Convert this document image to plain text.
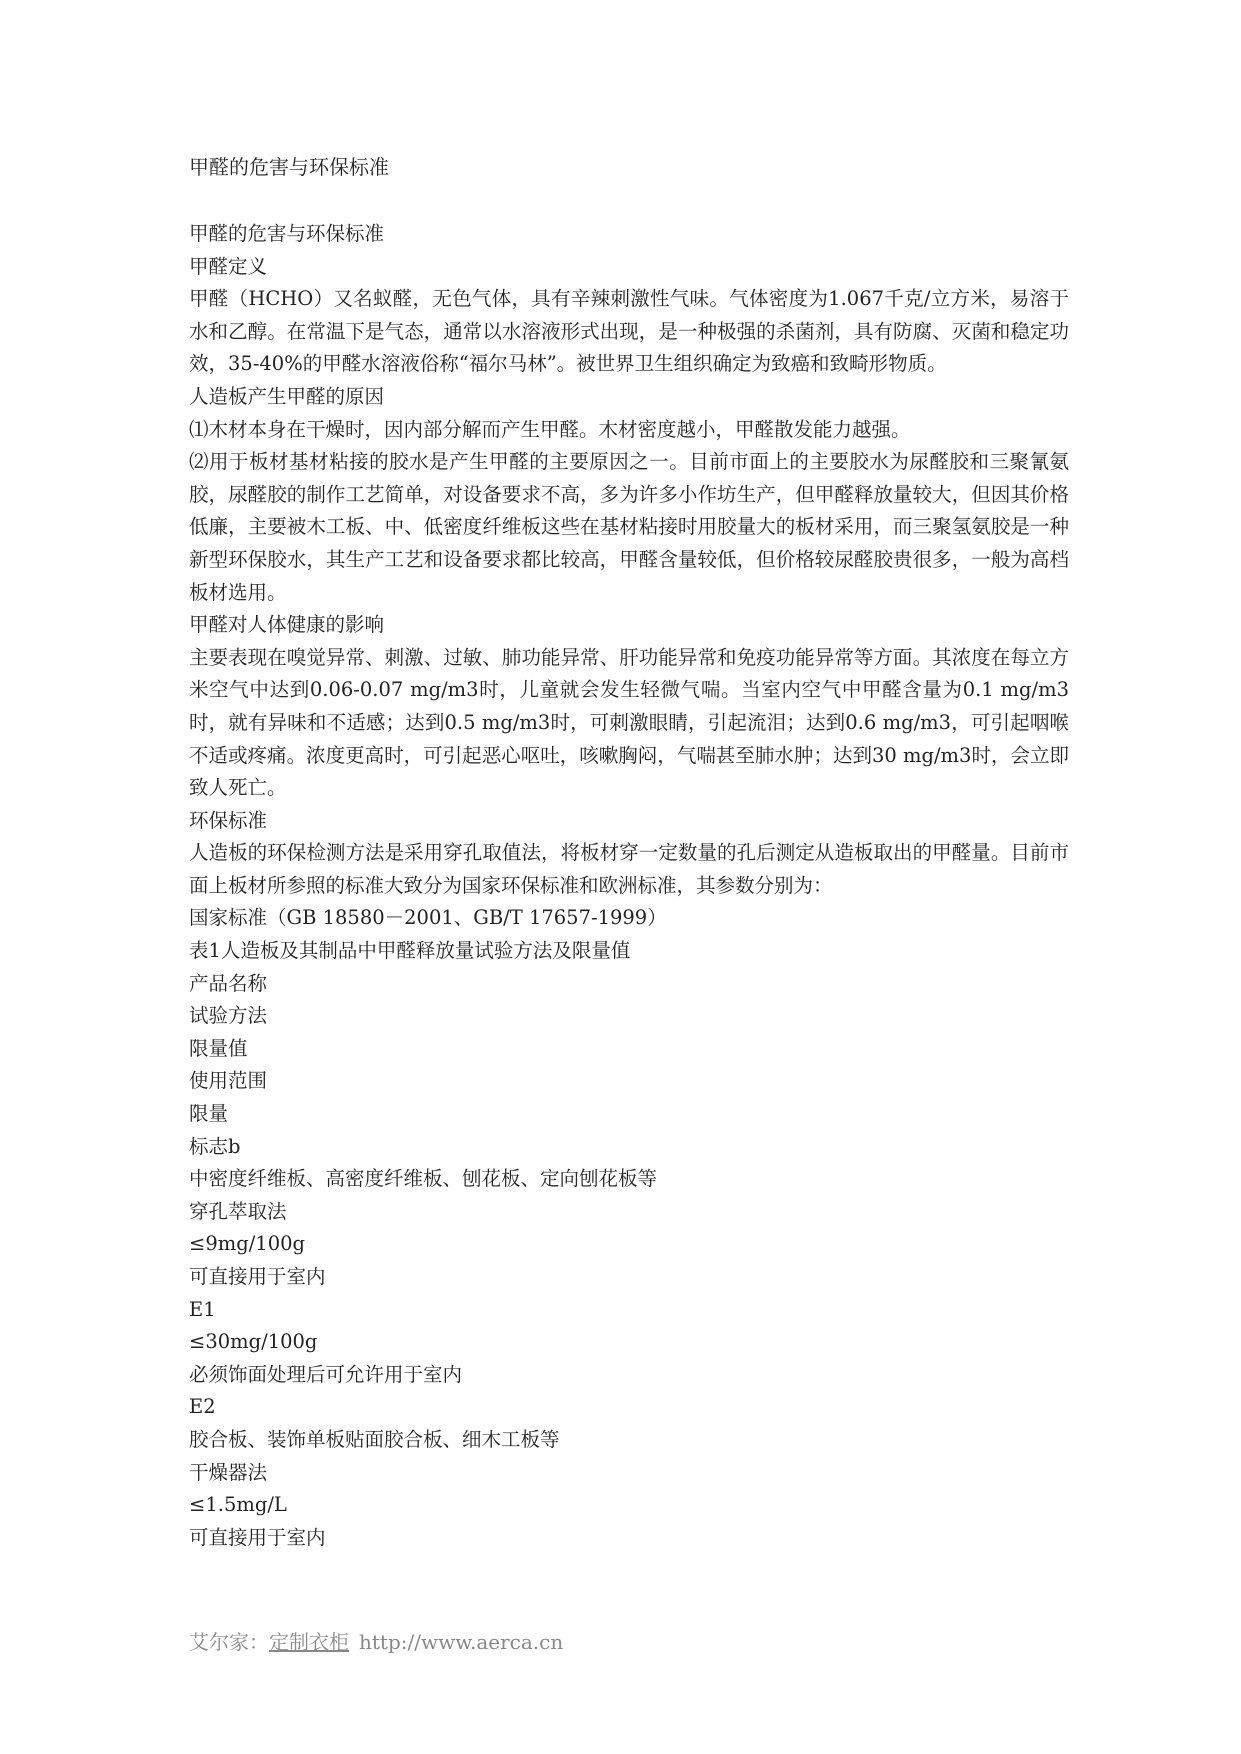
甲醛的危害与环保标准

甲醛的危害与环保标准

甲醛定义

甲醛（HCHO）又名蚁醛，无色气体，具有辛辣刺激性气味。气体密度为1.067千克/立方米，易溶于水和乙醇。在常温下是气态，通常以水溶液形式出现，是一种极强的杀菌剂，具有防腐、灭菌和稳定功效，35-40%的甲醛水溶液俗称“福尔马林”。被世界卫生组织确定为致癌和致畸形物质。

人造板产生甲醛的原因

⑴木材本身在干燥时，因内部分解而产生甲醛。木材密度越小，甲醛散发能力越强。

⑵用于板材基材粘接的胶水是产生甲醛的主要原因之一。目前市面上的主要胶水为尿醛胶和三聚氰氨胶，尿醛胶的制作工艺简单，对设备要求不高，多为许多小作坊生产，但甲醛释放量较大，但因其价格低廉，主要被木工板、中、低密度纤维板这些在基材粘接时用胶量大的板材采用，而三聚氢氨胶是一种新型环保胶水，其生产工艺和设备要求都比较高，甲醛含量较低，但价格较尿醛胶贵很多，一般为高档板材选用。

甲醛对人体健康的影响

主要表现在嗅觉异常、刺激、过敏、肺功能异常、肝功能异常和免疫功能异常等方面。其浓度在每立方米空气中达到0.06-0.07 mg/m3时，儿童就会发生轻微气喘。当室内空气中甲醛含量为0.1 mg/m3时，就有异味和不适感；达到0.5 mg/m3时，可刺激眼睛，引起流泪；达到0.6 mg/m3，可引起咽喉不适或疼痛。浓度更高时，可引起恶心呕吐，咳嗽胸闷，气喘甚至肺水肿；达到30 mg/m3时，会立即致人死亡。

环保标准

人造板的环保检测方法是采用穿孔取值法，将板材穿一定数量的孔后测定从造板取出的甲醛量。目前市面上板材所参照的标准大致分为国家环保标准和欧洲标准，其参数分别为：

国家标准（GB 18580－2001、GB/T 17657-1999）

表1人造板及其制品中甲醛释放量试验方法及限量值

产品名称

试验方法

限量值

使用范围

限量

标志b

中密度纤维板、高密度纤维板、刨花板、定向刨花板等

穿孔萃取法

≤9mg/100g

可直接用于室内

E1

≤30mg/100g

必须饰面处理后可允许用于室内

E2

胶合板、装饰单板贴面胶合板、细木工板等

干燥器法

≤1.5mg/L

可直接用于室内

艾尔家：定制衣柜 http://www.aerca.cn
